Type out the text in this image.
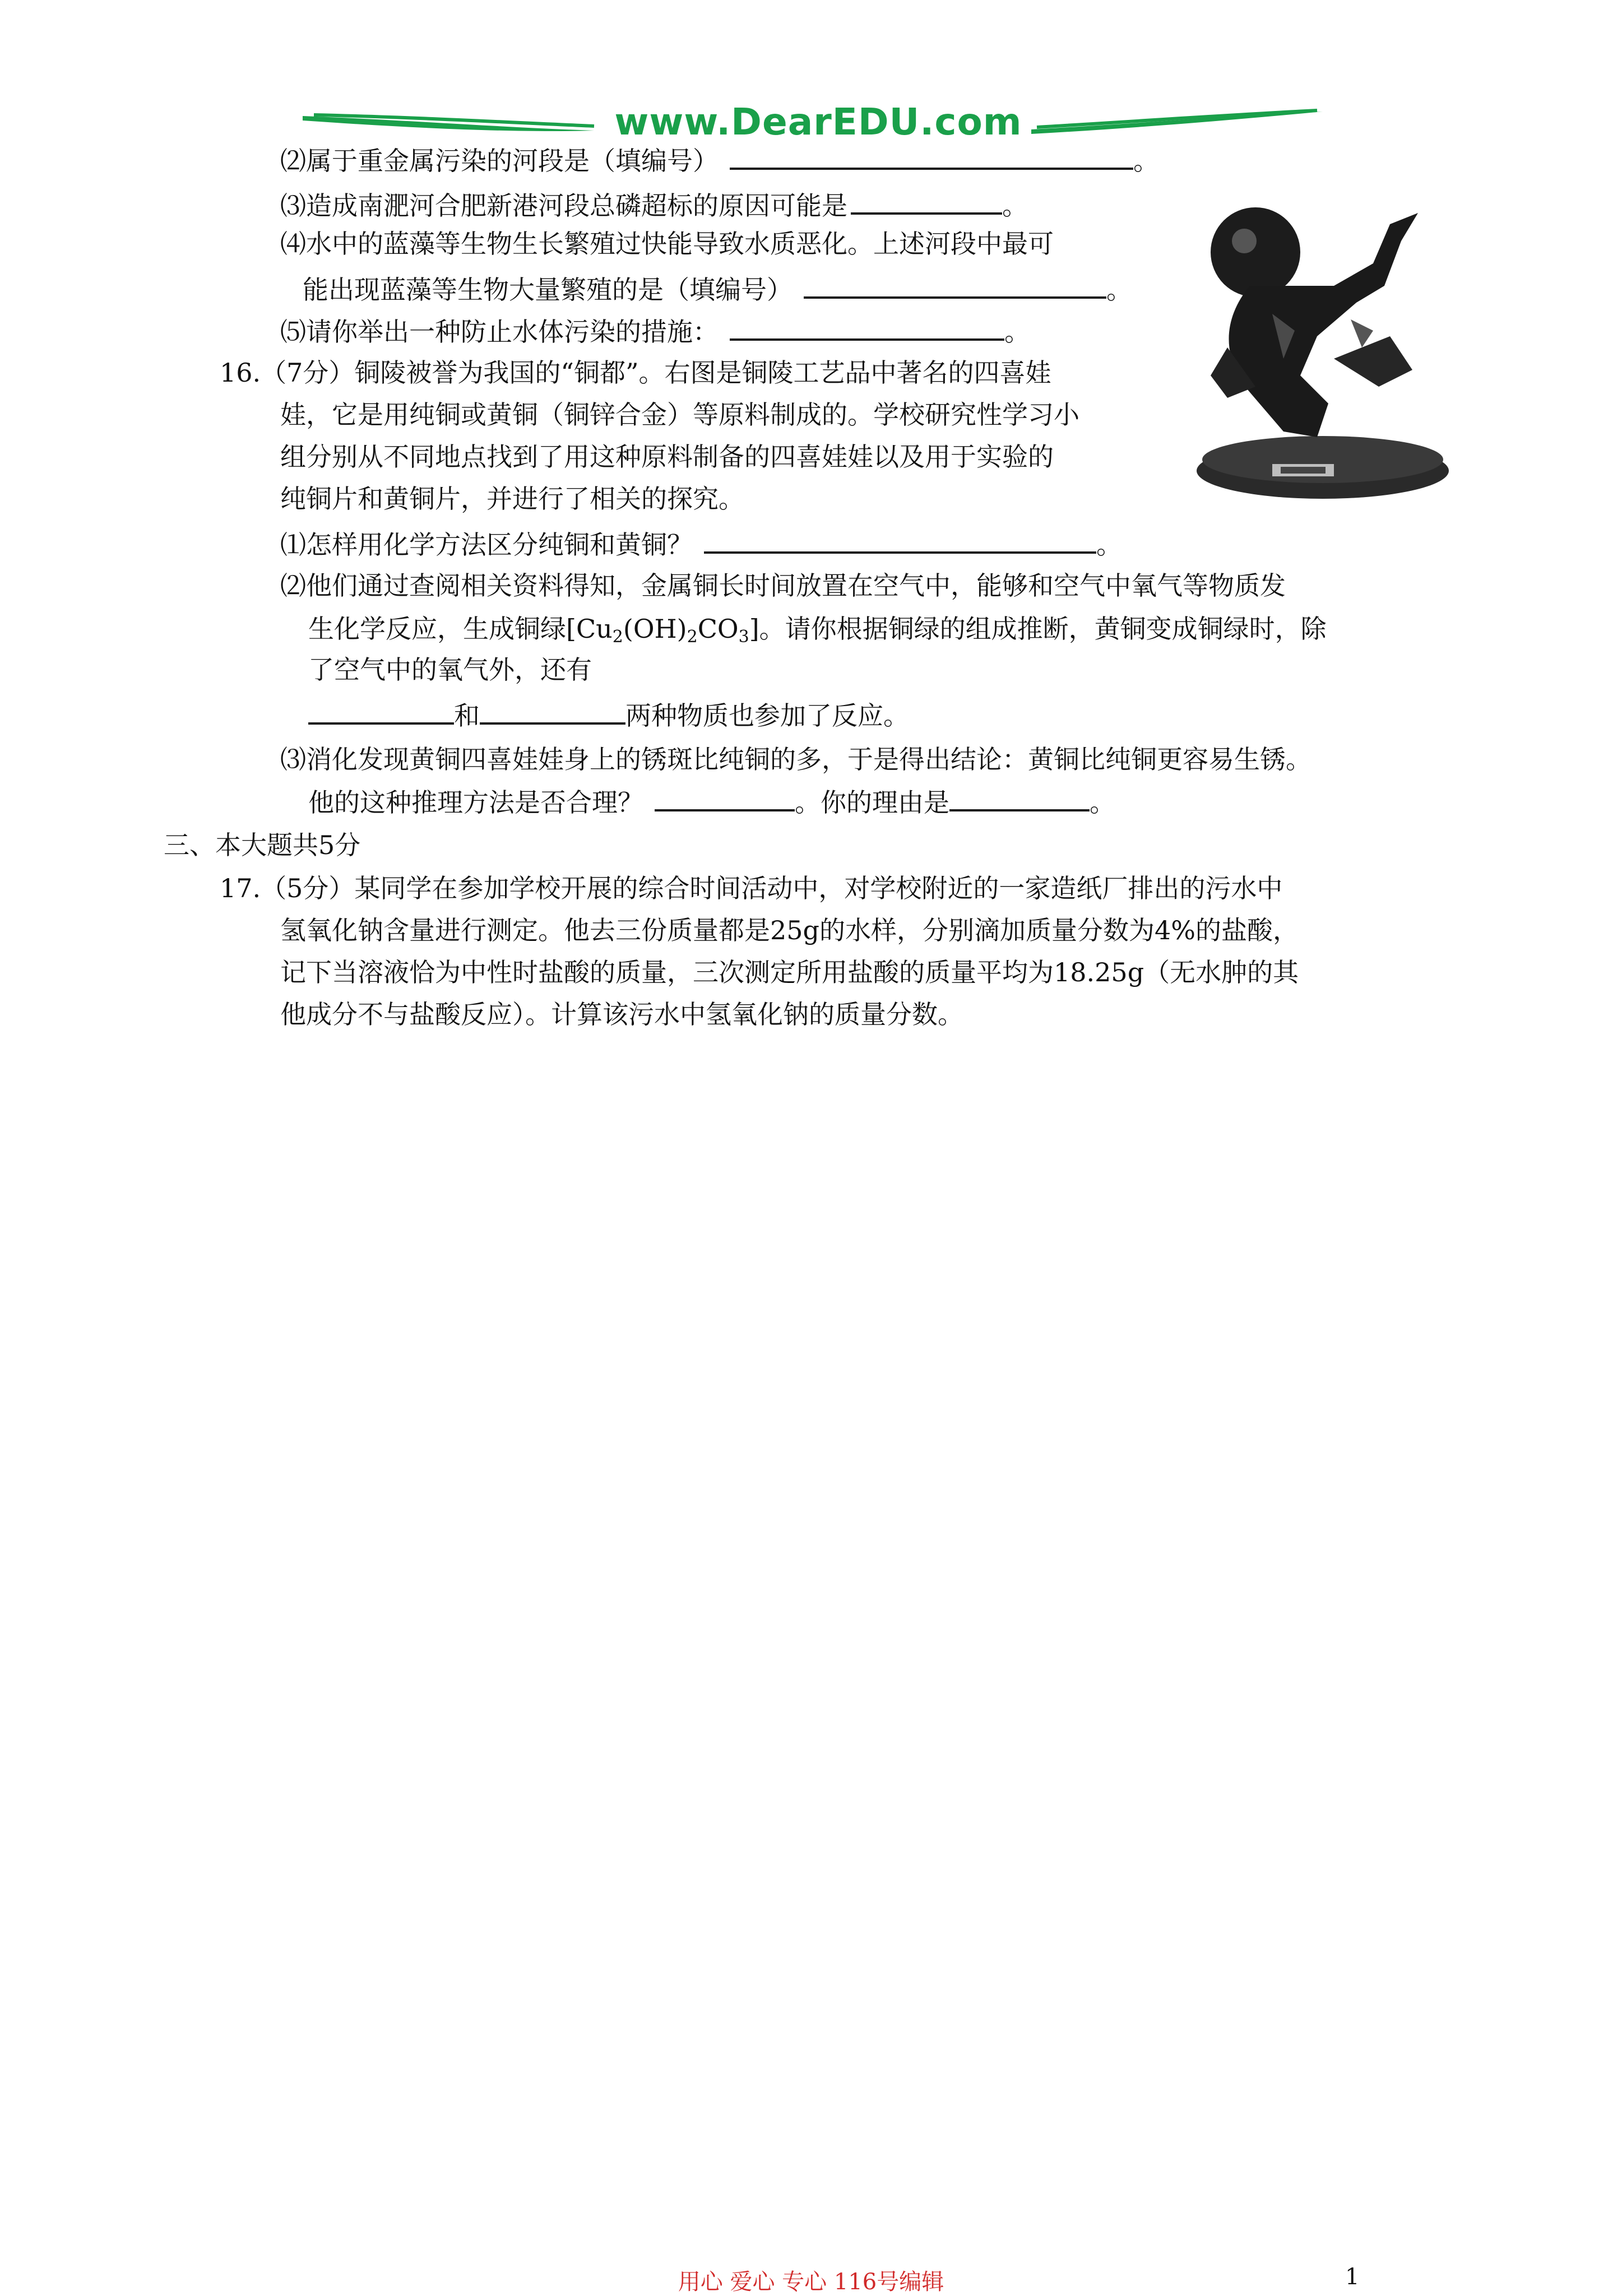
www.DearEDU.com
⑵属于重金属污染的河段是（填编号）	。
⑶造成南淝河合肥新港河段总磷超标的原因可能是	。
⑷水中的蓝藻等生物生长繁殖过快能导致水质恶化。上述河段中最可
能出现蓝藻等生物大量繁殖的是（填编号）	。
⑸请你举出一种防止水体污染的措施：	。
16.（7分）铜陵被誉为我国的“铜都”。右图是铜陵工艺品中著名的四喜娃
娃，它是用纯铜或黄铜（铜锌合金）等原料制成的。学校研究性学习小
组分别从不同地点找到了用这种原料制备的四喜娃娃以及用于实验的
纯铜片和黄铜片，并进行了相关的探究。
⑴怎样用化学方法区分纯铜和黄铜？	。
⑵他们通过查阅相关资料得知，金属铜长时间放置在空气中，能够和空气中氧气等物质发
生化学反应，生成铜绿$[Cu_2(OH)_2CO_3]$。请你根据铜绿的组成推断，黄铜变成铜绿时，除
了空气中的氧气外，还有
和	两种物质也参加了反应。
⑶消化发现黄铜四喜娃娃身上的锈斑比纯铜的多，于是得出结论：黄铜比纯铜更容易生锈。
他的这种推理方法是否合理？	。你的理由是	。
三、本大题共5分
17.（5分）某同学在参加学校开展的综合时间活动中，对学校附近的一家造纸厂排出的污水中
氢氧化钠含量进行测定。他去三份质量都是25g的水样，分别滴加质量分数为4%的盐酸，
记下当溶液恰为中性时盐酸的质量，三次测定所用盐酸的质量平均为18.25g（无水肿的其
他成分不与盐酸反应）。计算该污水中氢氧化钠的质量分数。
用心 爱心 专心 116号编辑	1
